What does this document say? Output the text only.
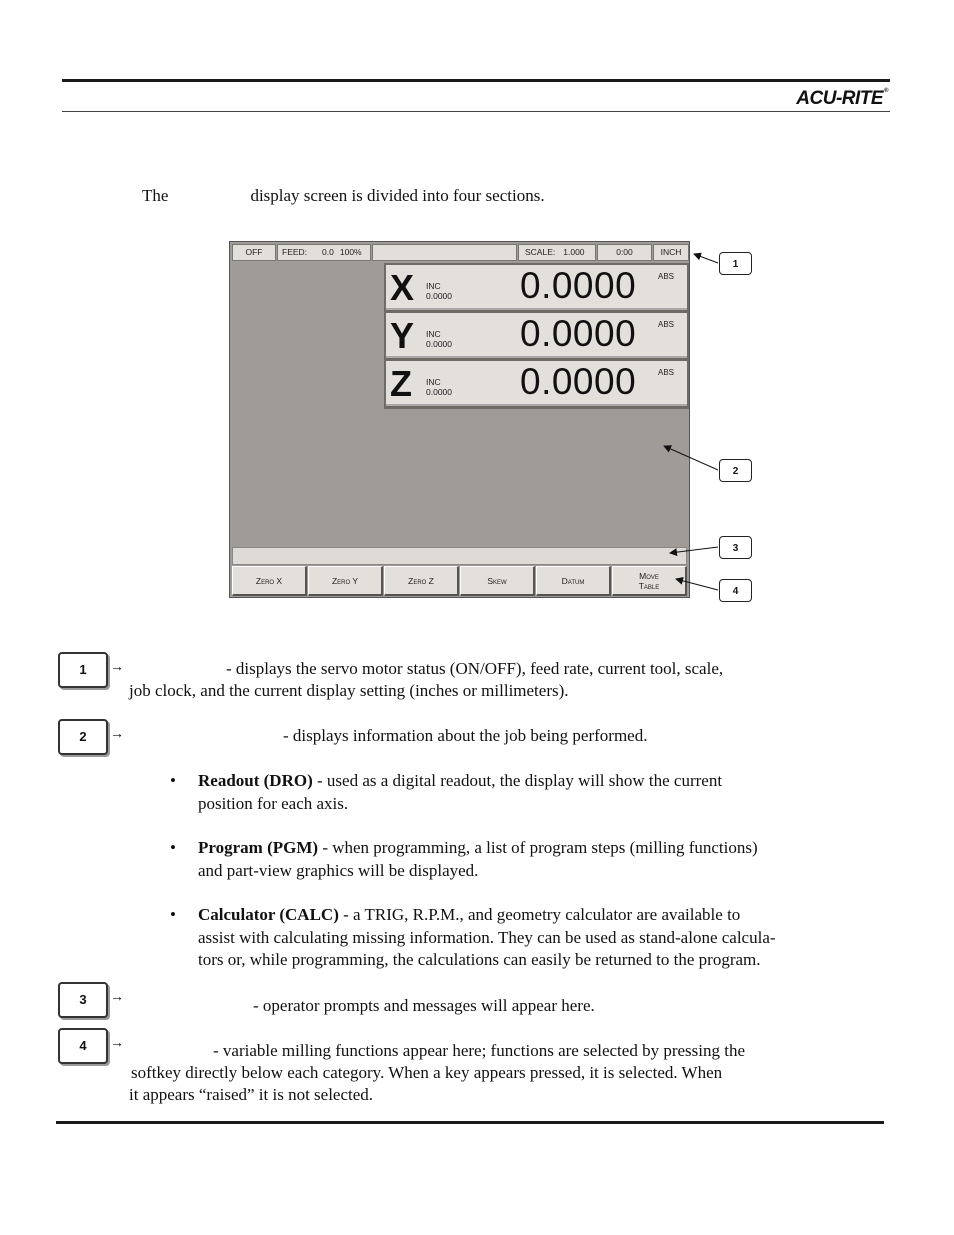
ACU-RITE®
The	display screen is divided into four sections.
OFF	FEED: 0.0 100%	SCALE: 1.000	0:00	INCH
X INC
0.0000 0.0000	ABS
Y INC
0.0000 0.0000	ABS
Z INC
0.0000 0.0000	ABS
Zero X	Zero Y	Zero Z	Skew	Datum	Move
Table
1
2
3
4
1	→	- displays the servo motor status (ON/OFF), feed rate, current tool, scale,
job clock, and the current display setting (inches or millimeters).
2	→	- displays information about the job being performed.
• Readout (DRO) - used as a digital readout, the display will show the current
position for each axis.
• Program (PGM) - when programming, a list of program steps (milling functions)
and part-view graphics will be displayed.
• Calculator (CALC) - a TRIG, R.P.M., and geometry calculator are available to
assist with calculating missing information. They can be used as stand-alone calcula-
tors or, while programming, the calculations can easily be returned to the program.
3	→	- operator prompts and messages will appear here.
4	→	- variable milling functions appear here; functions are selected by pressing the
softkey directly below each category. When a key appears pressed, it is selected. When
it appears “raised” it is not selected.
